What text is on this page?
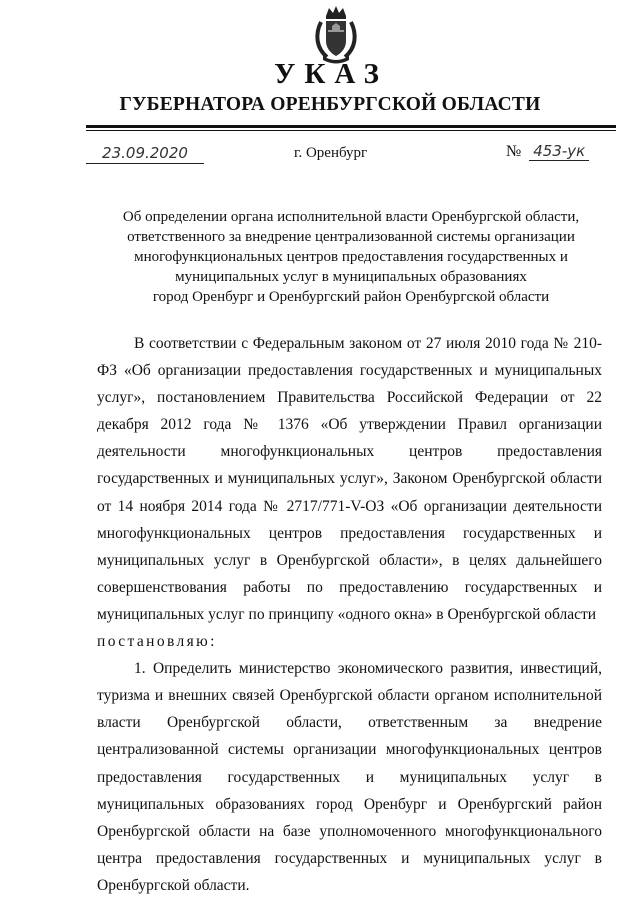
УКАЗ
ГУБЕРНАТОРА ОРЕНБУРГСКОЙ ОБЛАСТИ
23.09.2020	г. Оренбург	№ 453-ук
Об определении органа исполнительной власти Оренбургской области,
ответственного за внедрение централизованной системы организации
многофункциональных центров предоставления государственных и
муниципальных услуг в муниципальных образованиях
город Оренбург и Оренбургский район Оренбургской области

В соответствии с Федеральным законом от 27 июля 2010 года № 210-ФЗ «Об организации предоставления государственных и муниципальных услуг», постановлением Правительства Российской Федерации от 22 декабря 2012 года № 1376 «Об утверждении Правил организации деятельности многофункциональных центров предоставления государственных и муниципальных услуг», Законом Оренбургской области от 14 ноября 2014 года № 2717/771-V-ОЗ «Об организации деятельности многофункциональных центров предоставления государственных и муниципальных услуг в Оренбургской области», в целях дальнейшего совершенствования работы по предоставлению государственных и муниципальных услуг по принципу «одного окна» в Оренбургской области

постановляю:

1. Определить министерство экономического развития, инвестиций, туризма и внешних связей Оренбургской области органом исполнительной власти Оренбургской области, ответственным за внедрение централизованной системы организации многофункциональных центров предоставления государственных и муниципальных услуг в муниципальных образованиях город Оренбург и Оренбургский район Оренбургской области на базе уполномоченного многофункционального центра предоставления государственных и муниципальных услуг в Оренбургской области.
